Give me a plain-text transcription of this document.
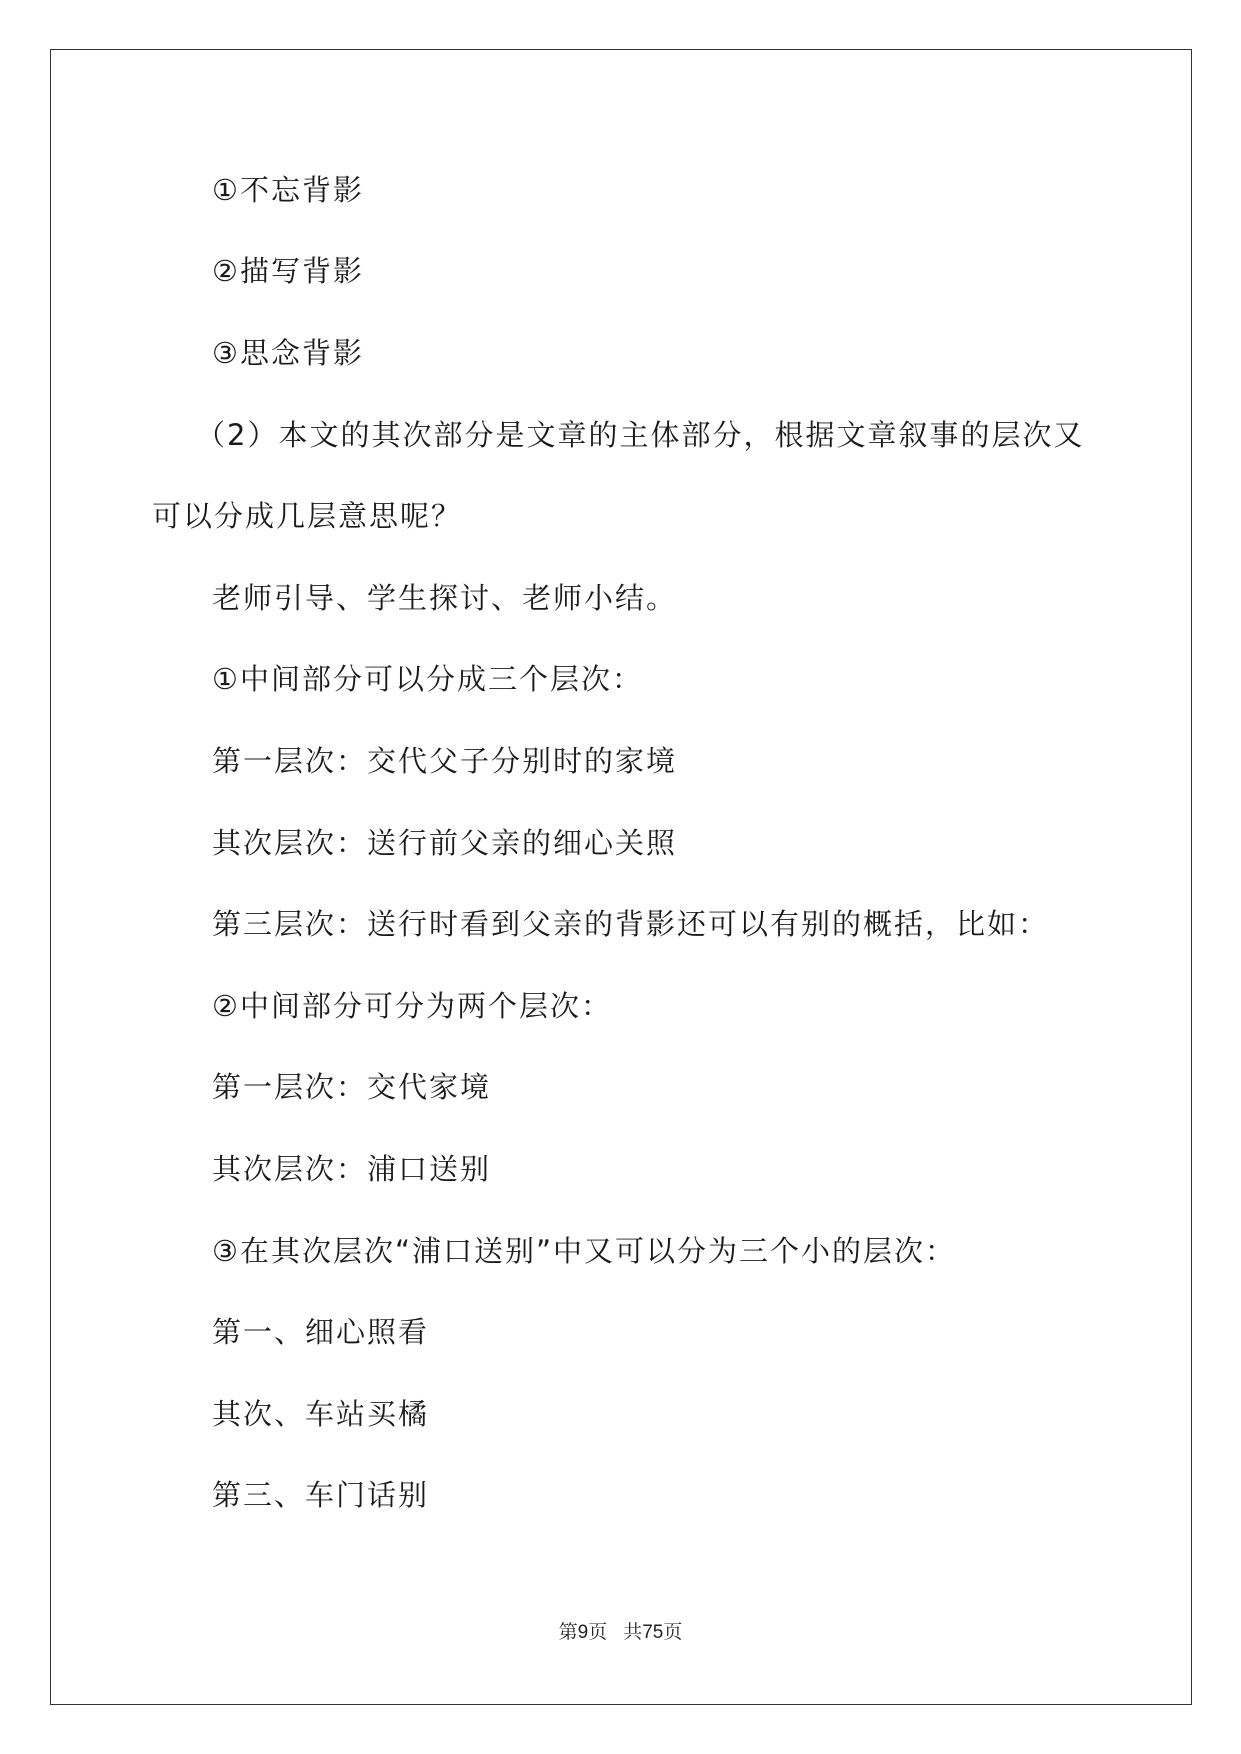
①不忘背影
②描写背影
③思念背影
（2）本文的其次部分是文章的主体部分，根据文章叙事的层次又
可以分成几层意思呢？
老师引导、学生探讨、老师小结。
①中间部分可以分成三个层次：
第一层次：交代父子分别时的家境
其次层次：送行前父亲的细心关照
第三层次：送行时看到父亲的背影还可以有别的概括，比如：
②中间部分可分为两个层次：
第一层次：交代家境
其次层次：浦口送别
③在其次层次“浦口送别”中又可以分为三个小的层次：
第一、细心照看
其次、车站买橘
第三、车门话别
第9页 共75页
